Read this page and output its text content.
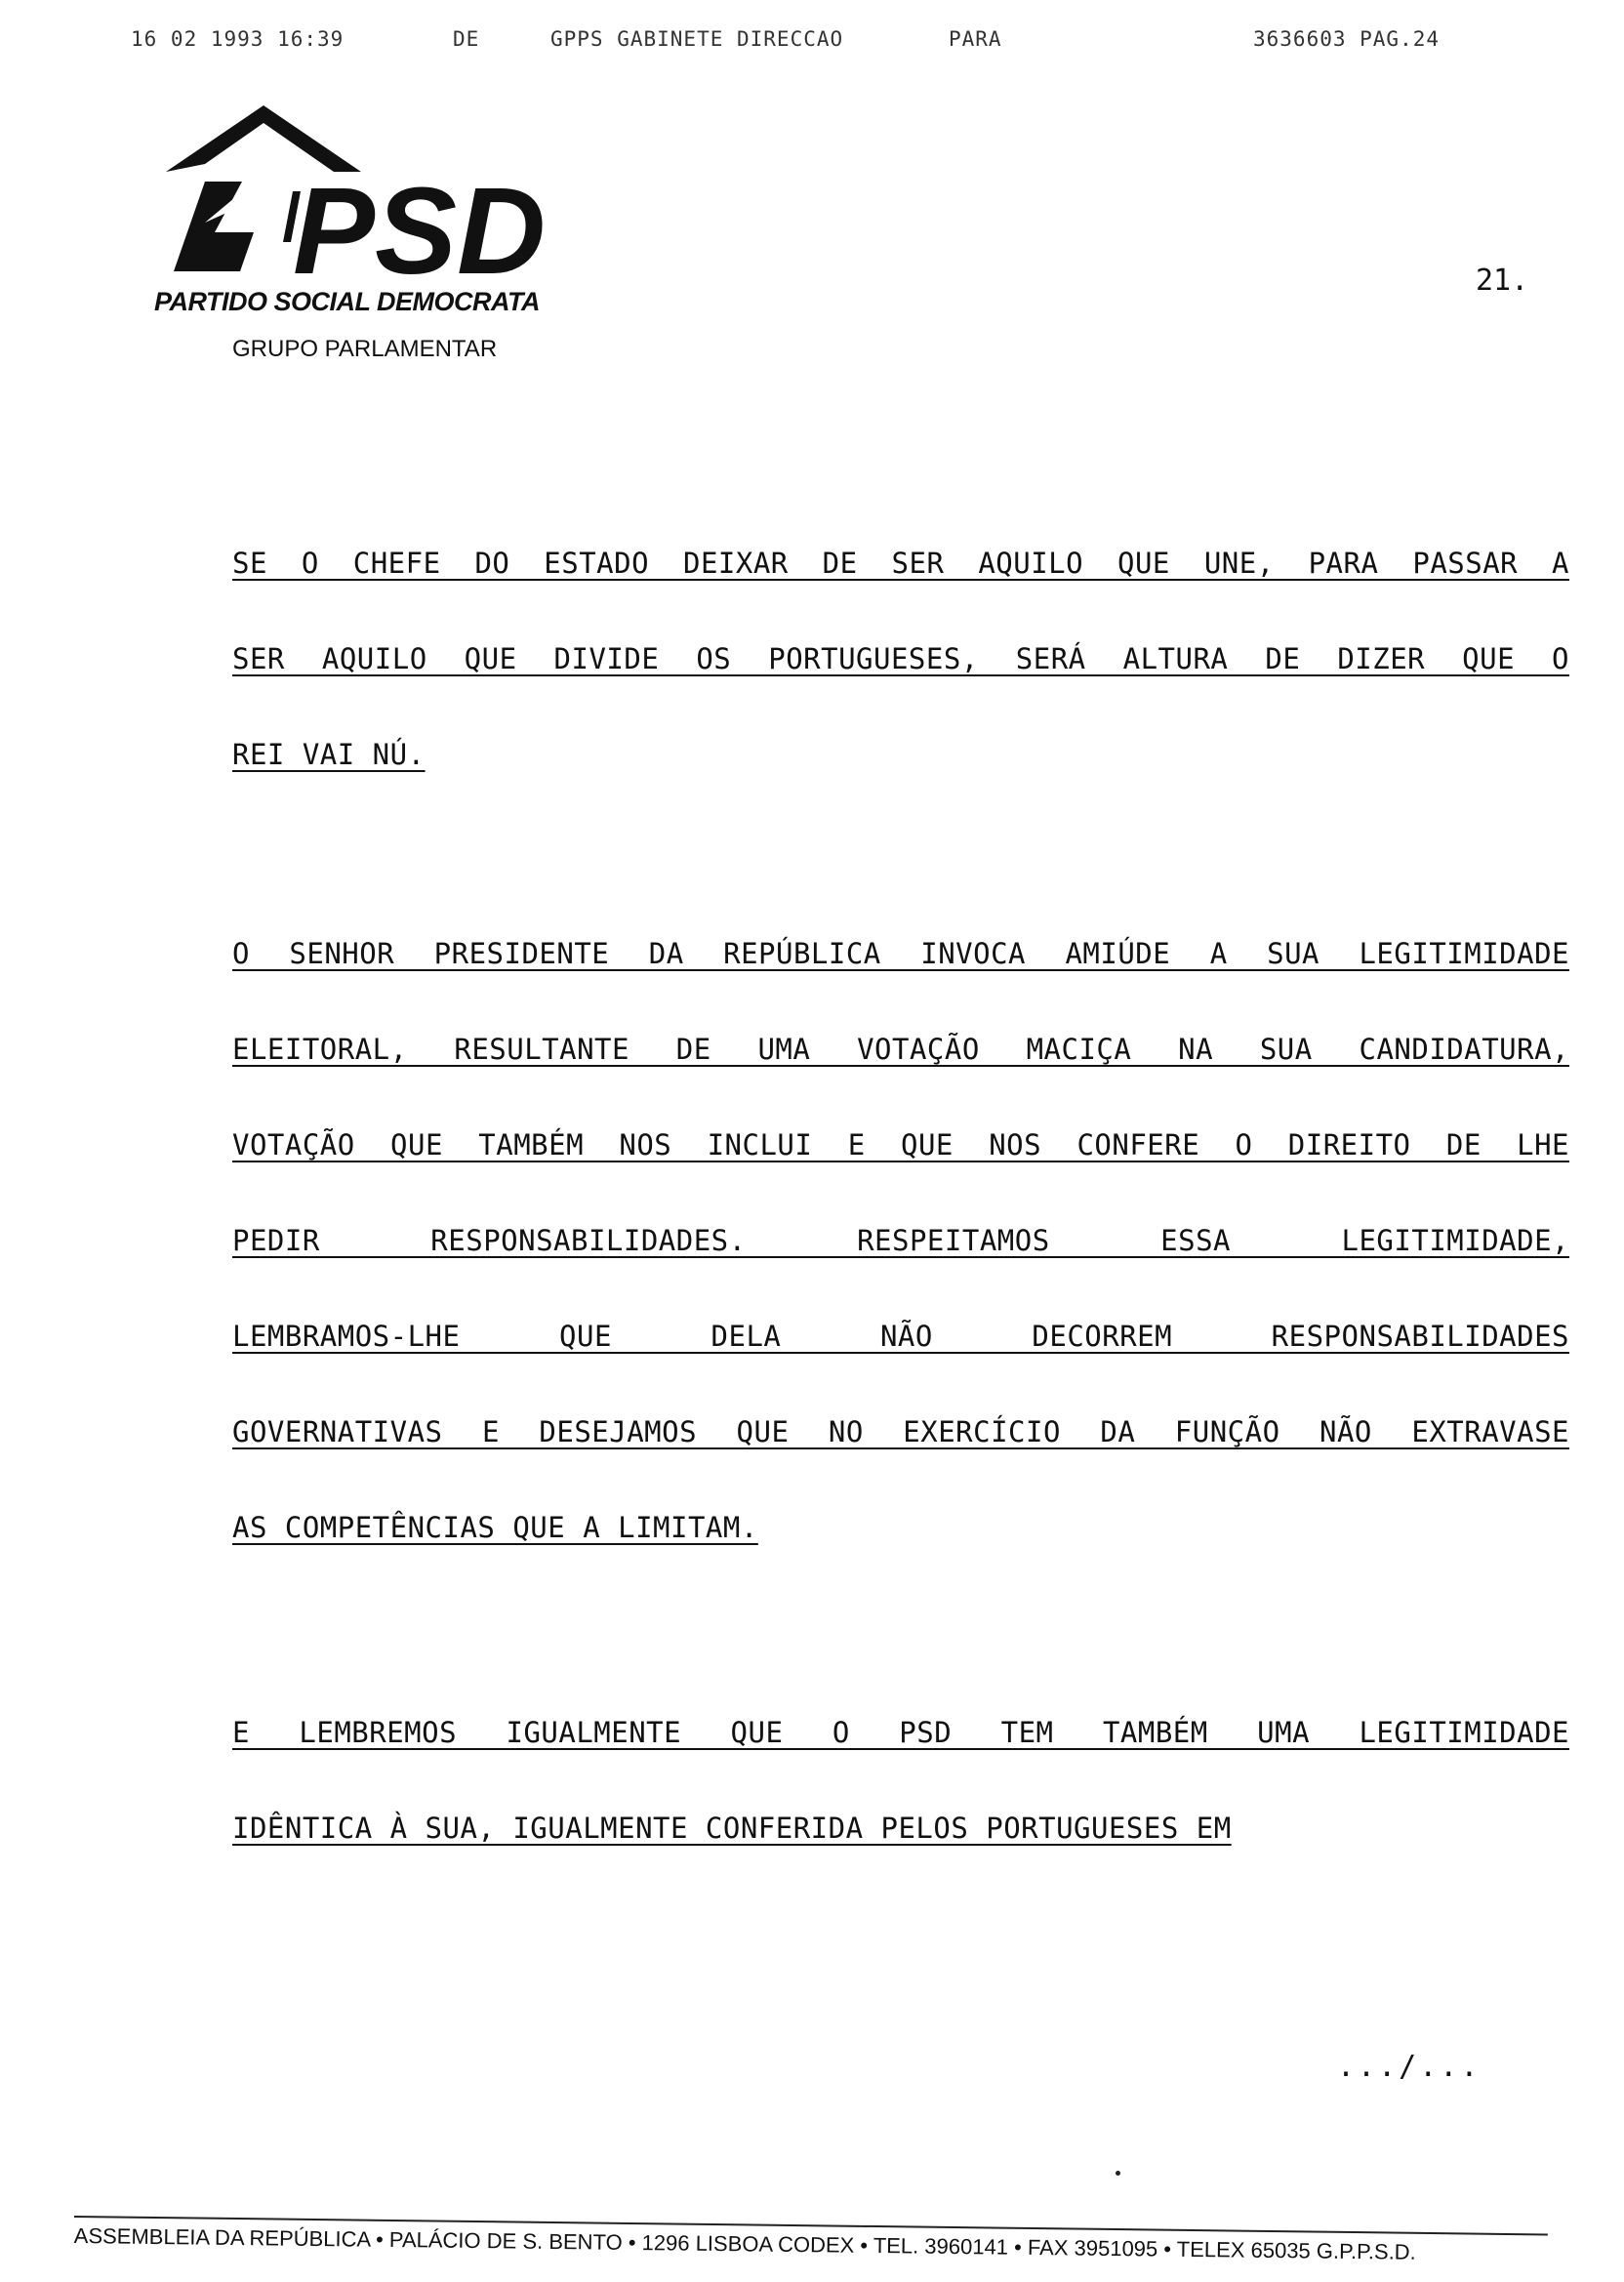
16 02 1993 16:39	DE	GPPS GABINETE DIRECCAO	PARA	3636603 PAG.24
PSD
PARTIDO SOCIAL DEMOCRATA
GRUPO PARLAMENTAR
21.
SE O CHEFE DO ESTADO DEIXAR DE SER AQUILO QUE UNE, PARA PASSAR A
SER AQUILO QUE DIVIDE OS PORTUGUESES, SERÁ ALTURA DE DIZER QUE O
REI VAI NÚ.
O SENHOR PRESIDENTE DA REPÚBLICA INVOCA AMIÚDE A SUA LEGITIMIDADE
ELEITORAL, RESULTANTE DE UMA VOTAÇÃO MACIÇA NA SUA CANDIDATURA,
VOTAÇÃO QUE TAMBÉM NOS INCLUI E QUE NOS CONFERE O DIREITO DE LHE
PEDIR RESPONSABILIDADES. RESPEITAMOS ESSA LEGITIMIDADE,
LEMBRAMOS-LHE QUE DELA NÃO DECORREM RESPONSABILIDADES
GOVERNATIVAS E DESEJAMOS QUE NO EXERCÍCIO DA FUNÇÃO NÃO EXTRAVASE
AS COMPETÊNCIAS QUE A LIMITAM.
E LEMBREMOS IGUALMENTE QUE O PSD TEM TAMBÉM UMA LEGITIMIDADE
IDÊNTICA À SUA, IGUALMENTE CONFERIDA PELOS PORTUGUESES EM
.../...
ASSEMBLEIA DA REPÚBLICA • PALÁCIO DE S. BENTO • 1296 LISBOA CODEX • TEL. 3960141 • FAX 3951095 • TELEX 65035 G.P.P.S.D.
